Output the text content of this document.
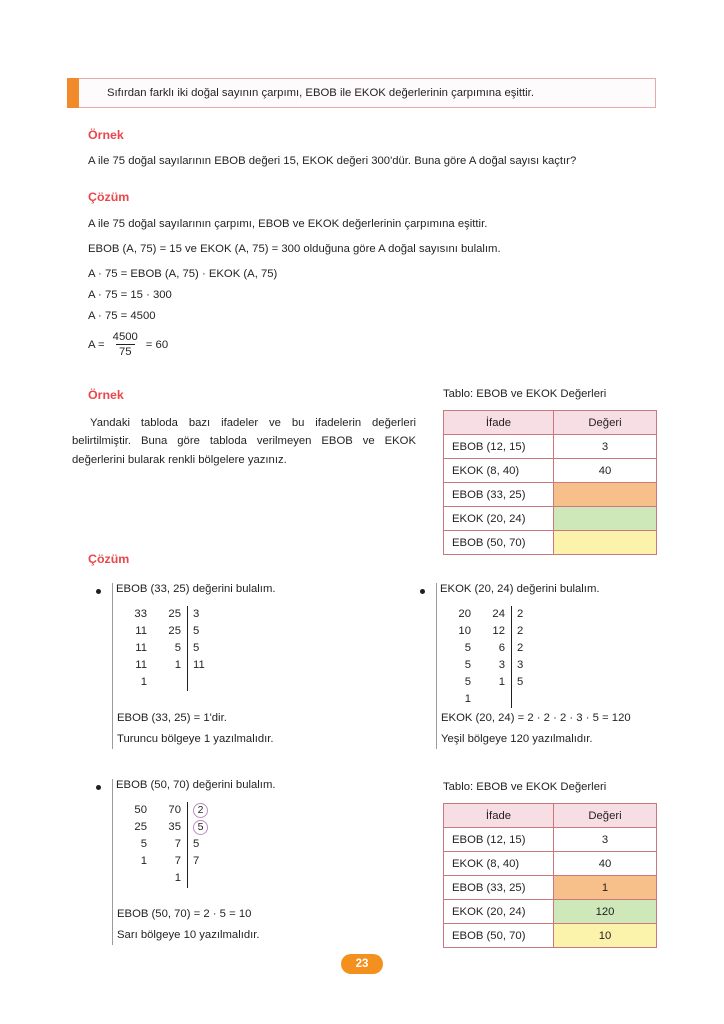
Sıfırdan farklı iki doğal sayının çarpımı, EBOB ile EKOK değerlerinin çarpımına eşittir.
Örnek
A ile 75 doğal sayılarının EBOB değeri 15, EKOK değeri 300'dür. Buna göre A doğal sayısı kaçtır?
Çözüm
A ile 75 doğal sayılarının çarpımı, EBOB ve EKOK değerlerinin çarpımına eşittir.
EBOB (A, 75) = 15 ve EKOK (A, 75) = 300 olduğuna göre A doğal sayısını bulalım.
A · 75 = EBOB (A, 75) · EKOK (A, 75)
A · 75 = 15 · 300
A · 75 = 4500
$A = \frac{4500}{75} = 60$
Örnek
Yandaki tabloda bazı ifadeler ve bu ifadelerin değerleri belirtilmiştir. Buna göre tabloda verilmeyen EBOB ve EKOK değerlerini bularak renkli bölgelere yazınız.
Tablo: EBOB ve EKOK Değerleri
İfade	Değeri
EBOB (12, 15)	3
EKOK (8, 40)	40
EBOB (33, 25)	
EKOK (20, 24)	
EBOB (50, 70)	
Çözüm
EBOB (33, 25) değerini bulalım.
33	25 3
11	25 5
11	5 5
11	1 11
1
EBOB (33, 25) = 1'dir.
Turuncu bölgeye 1 yazılmalıdır.
EKOK (20, 24) değerini bulalım.
20	24 2
10	12 2
5	6 2
5	3 3
5	1 5
1
EKOK (20, 24) = 2 · 2 · 2 · 3 · 5 = 120
Yeşil bölgeye 120 yazılmalıdır.
EBOB (50, 70) değerini bulalım.
50	70	2
25	35	5
5	7 5
1	7 7
1
EBOB (50, 70) = 2 · 5 = 10
Sarı bölgeye 10 yazılmalıdır.
Tablo: EBOB ve EKOK Değerleri
İfade	Değeri
EBOB (12, 15)	3
EKOK (8, 40)	40
EBOB (33, 25)	1
EKOK (20, 24)	120
EBOB (50, 70)	10
23
